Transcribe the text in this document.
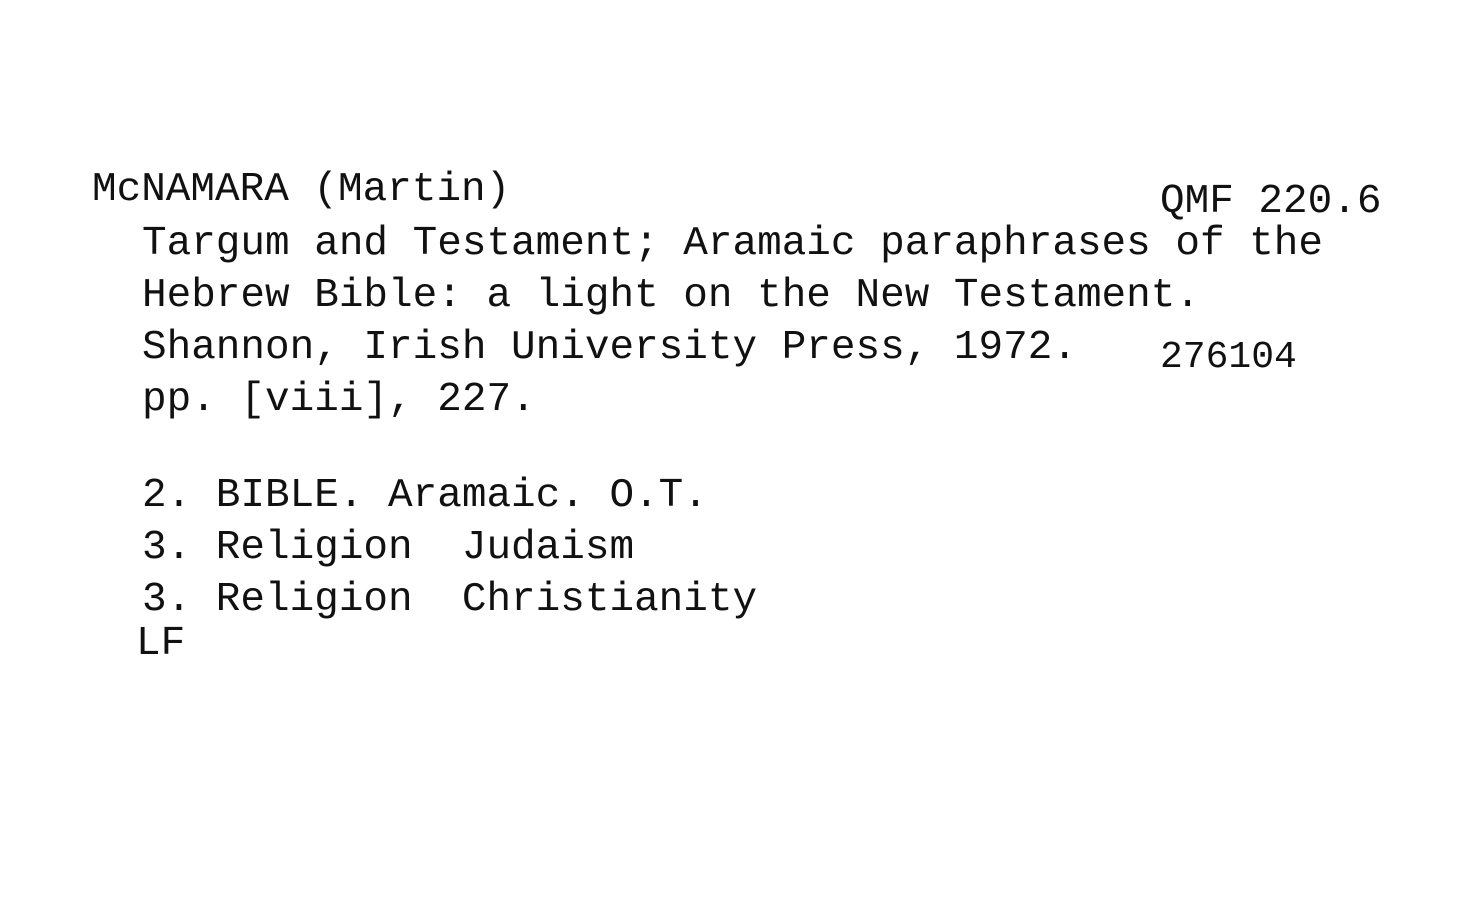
QMF 220.6

276104

McNAMARA (Martin)
Targum and Testament; Aramaic paraphrases of the
Hebrew Bible: a light on the New Testament.
Shannon, Irish University Press, 1972.
pp. [viii], 227.
2. BIBLE. Aramaic. O.T.
3. Religion  Judaism
3. Religion  Christianity
LF
